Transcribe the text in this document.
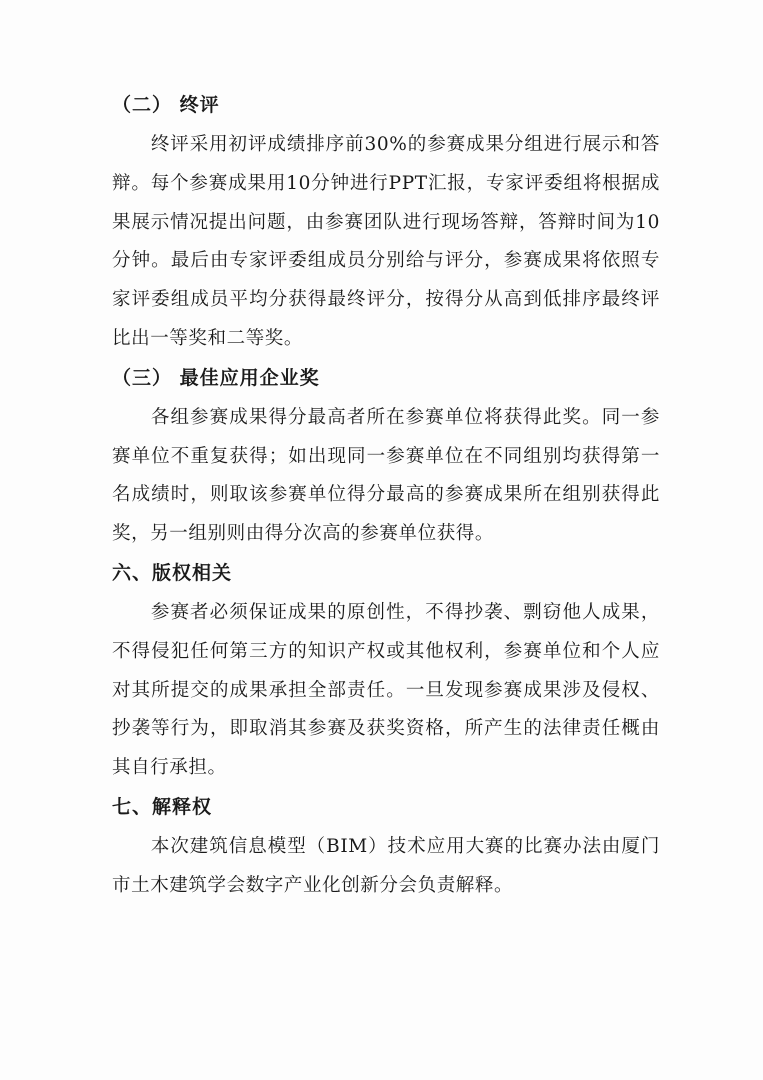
（二） 终评

终评采用初评成绩排序前30%的参赛成果分组进行展示和答辩。每个参赛成果用10分钟进行PPT汇报，专家评委组将根据成果展示情况提出问题，由参赛团队进行现场答辩，答辩时间为10分钟。最后由专家评委组成员分别给与评分，参赛成果将依照专家评委组成员平均分获得最终评分，按得分从高到低排序最终评比出一等奖和二等奖。

（三） 最佳应用企业奖

各组参赛成果得分最高者所在参赛单位将获得此奖。同一参赛单位不重复获得；如出现同一参赛单位在不同组别均获得第一名成绩时，则取该参赛单位得分最高的参赛成果所在组别获得此奖，另一组别则由得分次高的参赛单位获得。

六、版权相关

参赛者必须保证成果的原创性，不得抄袭、剽窃他人成果，不得侵犯任何第三方的知识产权或其他权利，参赛单位和个人应对其所提交的成果承担全部责任。一旦发现参赛成果涉及侵权、抄袭等行为，即取消其参赛及获奖资格，所产生的法律责任概由其自行承担。

七、解释权

本次建筑信息模型（BIM）技术应用大赛的比赛办法由厦门市土木建筑学会数字产业化创新分会负责解释。
